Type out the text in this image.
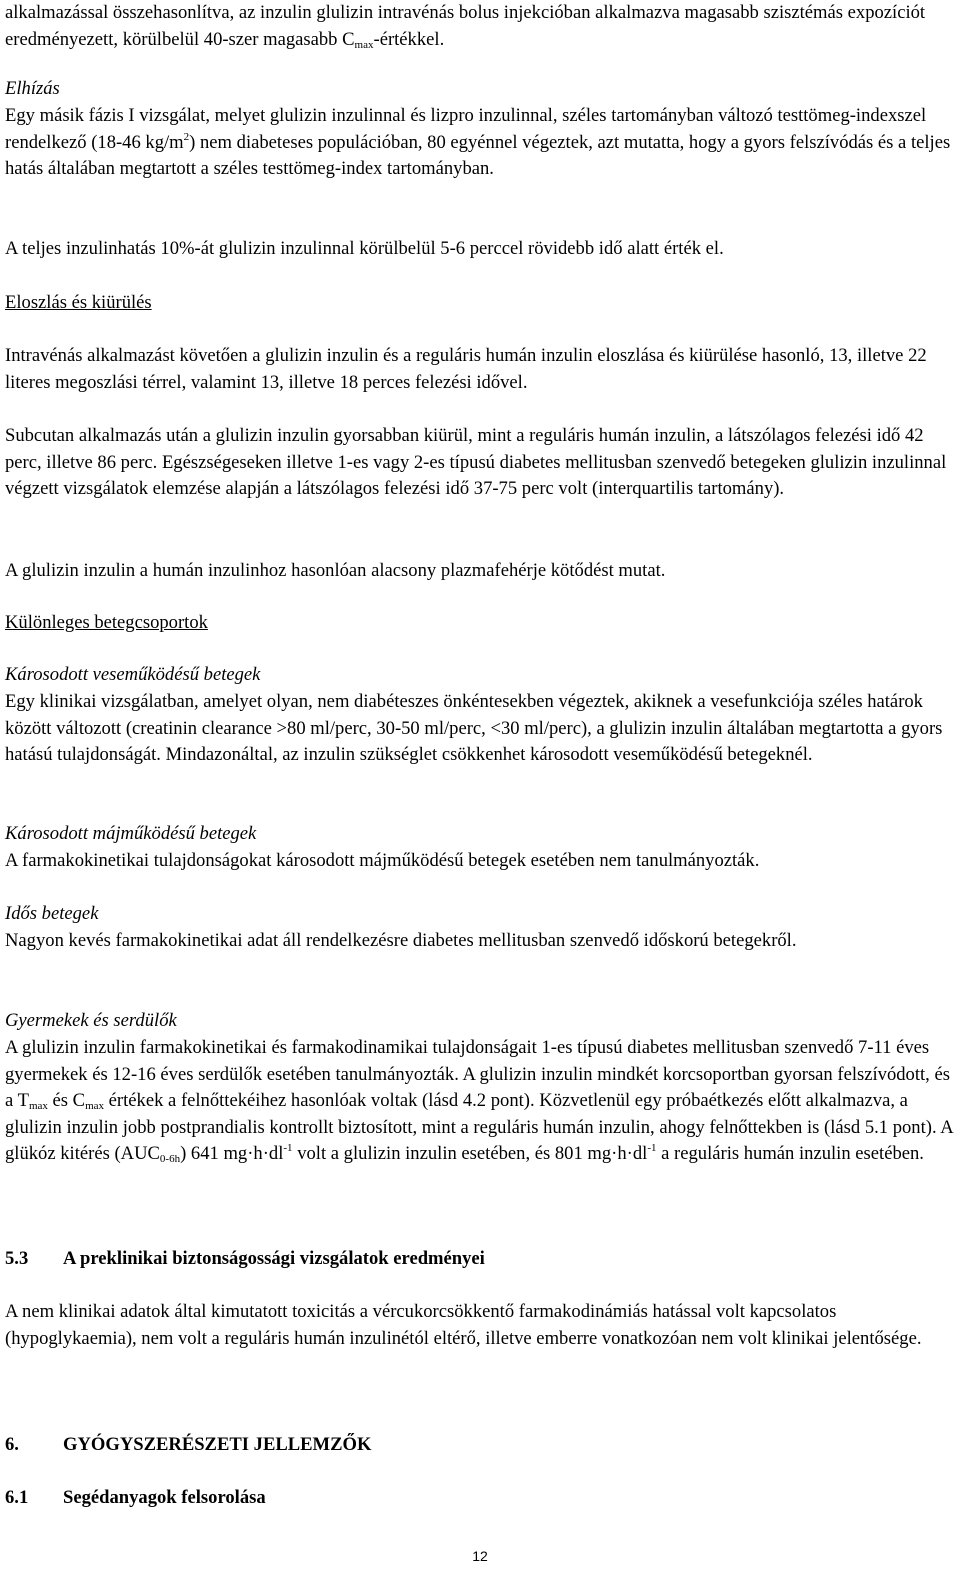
alkalmazással összehasonlítva, az inzulin glulizin intravénás bolus injekcióban alkalmazva magasabb szisztémás expozíciót eredményezett, körülbelül 40-szer magasabb $C_{max}$-értékkel.

Elhízás

Egy másik fázis I vizsgálat, melyet glulizin inzulinnal és lizpro inzulinnal, széles tartományban változó testtömeg-indexszel rendelkező (18-46 $kg/m^2$) nem diabeteses populációban, 80 egyénnel végeztek, azt mutatta, hogy a gyors felszívódás és a teljes hatás általában megtartott a széles testtömeg-index tartományban.

A teljes inzulinhatás 10%-át glulizin inzulinnal körülbelül 5-6 perccel rövidebb idő alatt érték el.

Eloszlás és kiürülés

Intravénás alkalmazást követően a glulizin inzulin és a reguláris humán inzulin eloszlása és kiürülése hasonló, 13, illetve 22 literes megoszlási térrel, valamint 13, illetve 18 perces felezési idővel.

Subcutan alkalmazás után a glulizin inzulin gyorsabban kiürül, mint a reguláris humán inzulin, a látszólagos felezési idő 42 perc, illetve 86 perc. Egészségeseken illetve 1-es vagy 2-es típusú diabetes mellitusban szenvedő betegeken glulizin inzulinnal végzett vizsgálatok elemzése alapján a látszólagos felezési idő 37-75 perc volt (interquartilis tartomány).

A glulizin inzulin a humán inzulinhoz hasonlóan alacsony plazmafehérje kötődést mutat.

Különleges betegcsoportok

Károsodott veseműködésű betegek

Egy klinikai vizsgálatban, amelyet olyan, nem diabéteszes önkéntesekben végeztek, akiknek a vesefunkciója széles határok között változott (creatinin clearance >80 ml/perc, 30-50 ml/perc, <30 ml/perc), a glulizin inzulin általában megtartotta a gyors hatású tulajdonságát. Mindazonáltal, az inzulin szükséglet csökkenhet károsodott veseműködésű betegeknél.

Károsodott májműködésű betegek

A farmakokinetikai tulajdonságokat károsodott májműködésű betegek esetében nem tanulmányozták.

Idős betegek

Nagyon kevés farmakokinetikai adat áll rendelkezésre diabetes mellitusban szenvedő időskorú betegekről.

Gyermekek és serdülők

A glulizin inzulin farmakokinetikai és farmakodinamikai tulajdonságait 1-es típusú diabetes mellitusban szenvedő 7-11 éves gyermekek és 12-16 éves serdülők esetében tanulmányozták. A glulizin inzulin mindkét korcsoportban gyorsan felszívódott, és a $T_{max}$ és $C_{max}$ értékek a felnőttekéihez hasonlóak voltak (lásd 4.2 pont). Közvetlenül egy próbaétkezés előtt alkalmazva, a glulizin inzulin jobb postprandialis kontrollt biztosított, mint a reguláris humán inzulin, ahogy felnőttekben is (lásd 5.1 pont). A glükóz kitérés $(AUC_{0-6h})$ 641 $mg\cdot h\cdot dl^{-1}$ volt a glulizin inzulin esetében, és 801 $mg\cdot h\cdot dl^{-1}$ a reguláris humán inzulin esetében.

5.3 A preklinikai biztonságossági vizsgálatok eredményei

A nem klinikai adatok által kimutatott toxicitás a vércukorcsökkentő farmakodinámiás hatással volt kapcsolatos (hypoglykaemia), nem volt a reguláris humán inzulinétól eltérő, illetve emberre vonatkozóan nem volt klinikai jelentősége.

6. GYÓGYSZERÉSZETI JELLEMZŐK

6.1 Segédanyagok felsorolása

12
